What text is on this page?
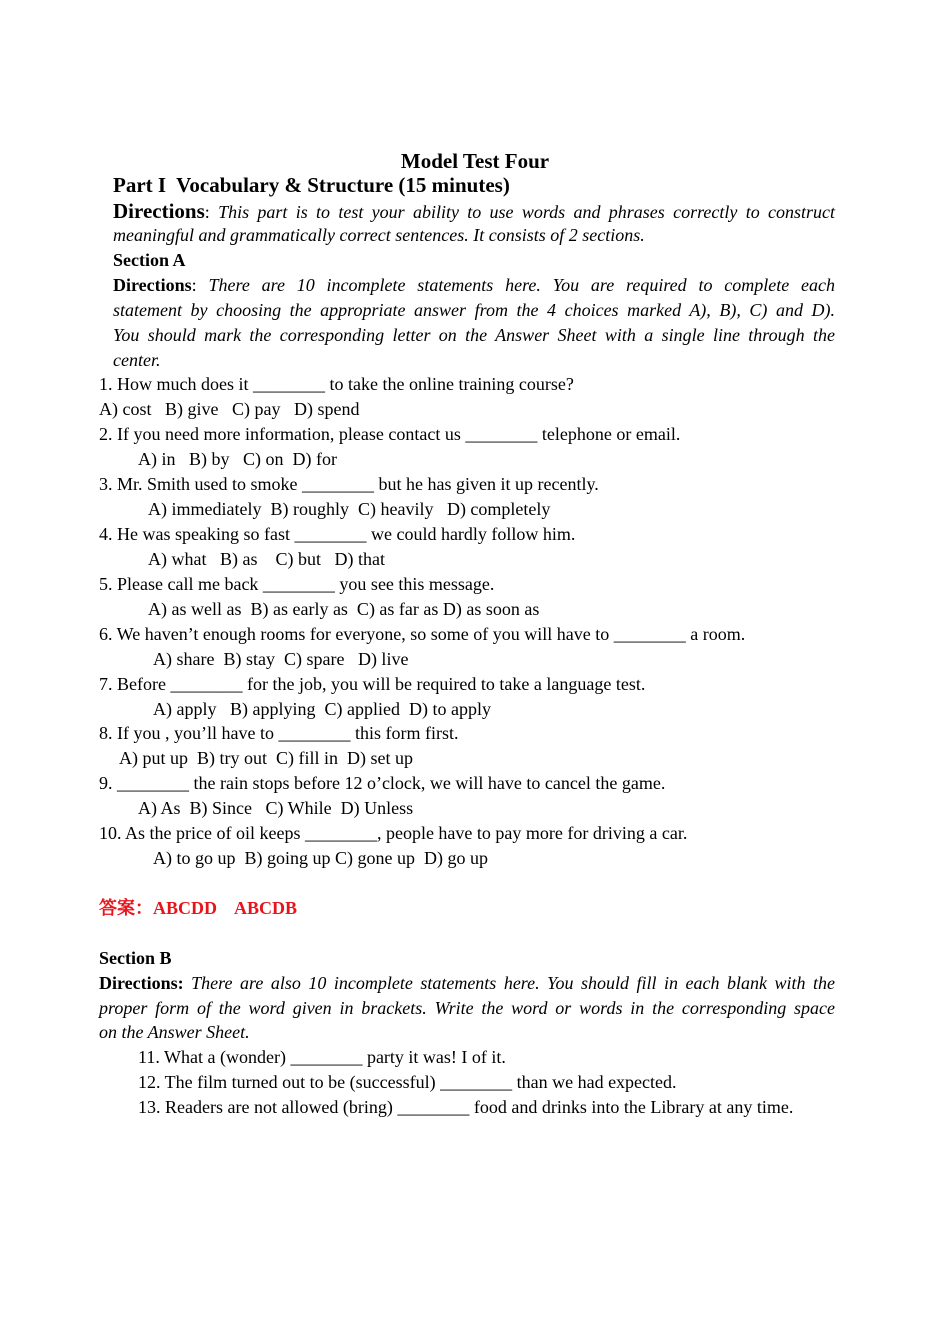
Model Test Four
Part I  Vocabulary & Structure (15 minutes)
Directions: This part is to test your ability to use words and phrases correctly to construct
meaningful and grammatically correct sentences. It consists of 2 sections.
Section A
Directions: There are 10 incomplete statements here. You are required to complete each
statement by choosing the appropriate answer from the 4 choices marked A), B), C) and D).
You should mark the corresponding letter on the Answer Sheet with a single line through the
center.
1. How much does it ________ to take the online training course?
A) cost   B) give   C) pay   D) spend
2. If you need more information, please contact us ________ telephone or email.
A) in   B) by   C) on  D) for
3. Mr. Smith used to smoke ________ but he has given it up recently.
A) immediately  B) roughly  C) heavily   D) completely
4. He was speaking so fast ________ we could hardly follow him.
A) what   B) as    C) but   D) that
5. Please call me back ________ you see this message.
A) as well as  B) as early as  C) as far as D) as soon as
6. We haven’t enough rooms for everyone, so some of you will have to ________ a room.
A) share  B) stay  C) spare   D) live
7. Before ________ for the job, you will be required to take a language test.
A) apply   B) applying  C) applied  D) to apply
8. If you , you’ll have to ________ this form first.
A) put up  B) try out  C) fill in  D) set up
9. ________ the rain stops before 12 o’clock, we will have to cancel the game.
A) As  B) Since   C) While  D) Unless
10. As the price of oil keeps ________, people have to pay more for driving a car.
A) to go up  B) going up C) gone up  D) go up
答案：ABCDD    ABCDB
Section B
Directions: There are also 10 incomplete statements here. You should fill in each blank with the
proper form of the word given in brackets. Write the word or words in the corresponding space
on the Answer Sheet.
11. What a (wonder) ________ party it was! I of it.
12. The film turned out to be (successful) ________ than we had expected.
13. Readers are not allowed (bring) ________ food and drinks into the Library at any time.
